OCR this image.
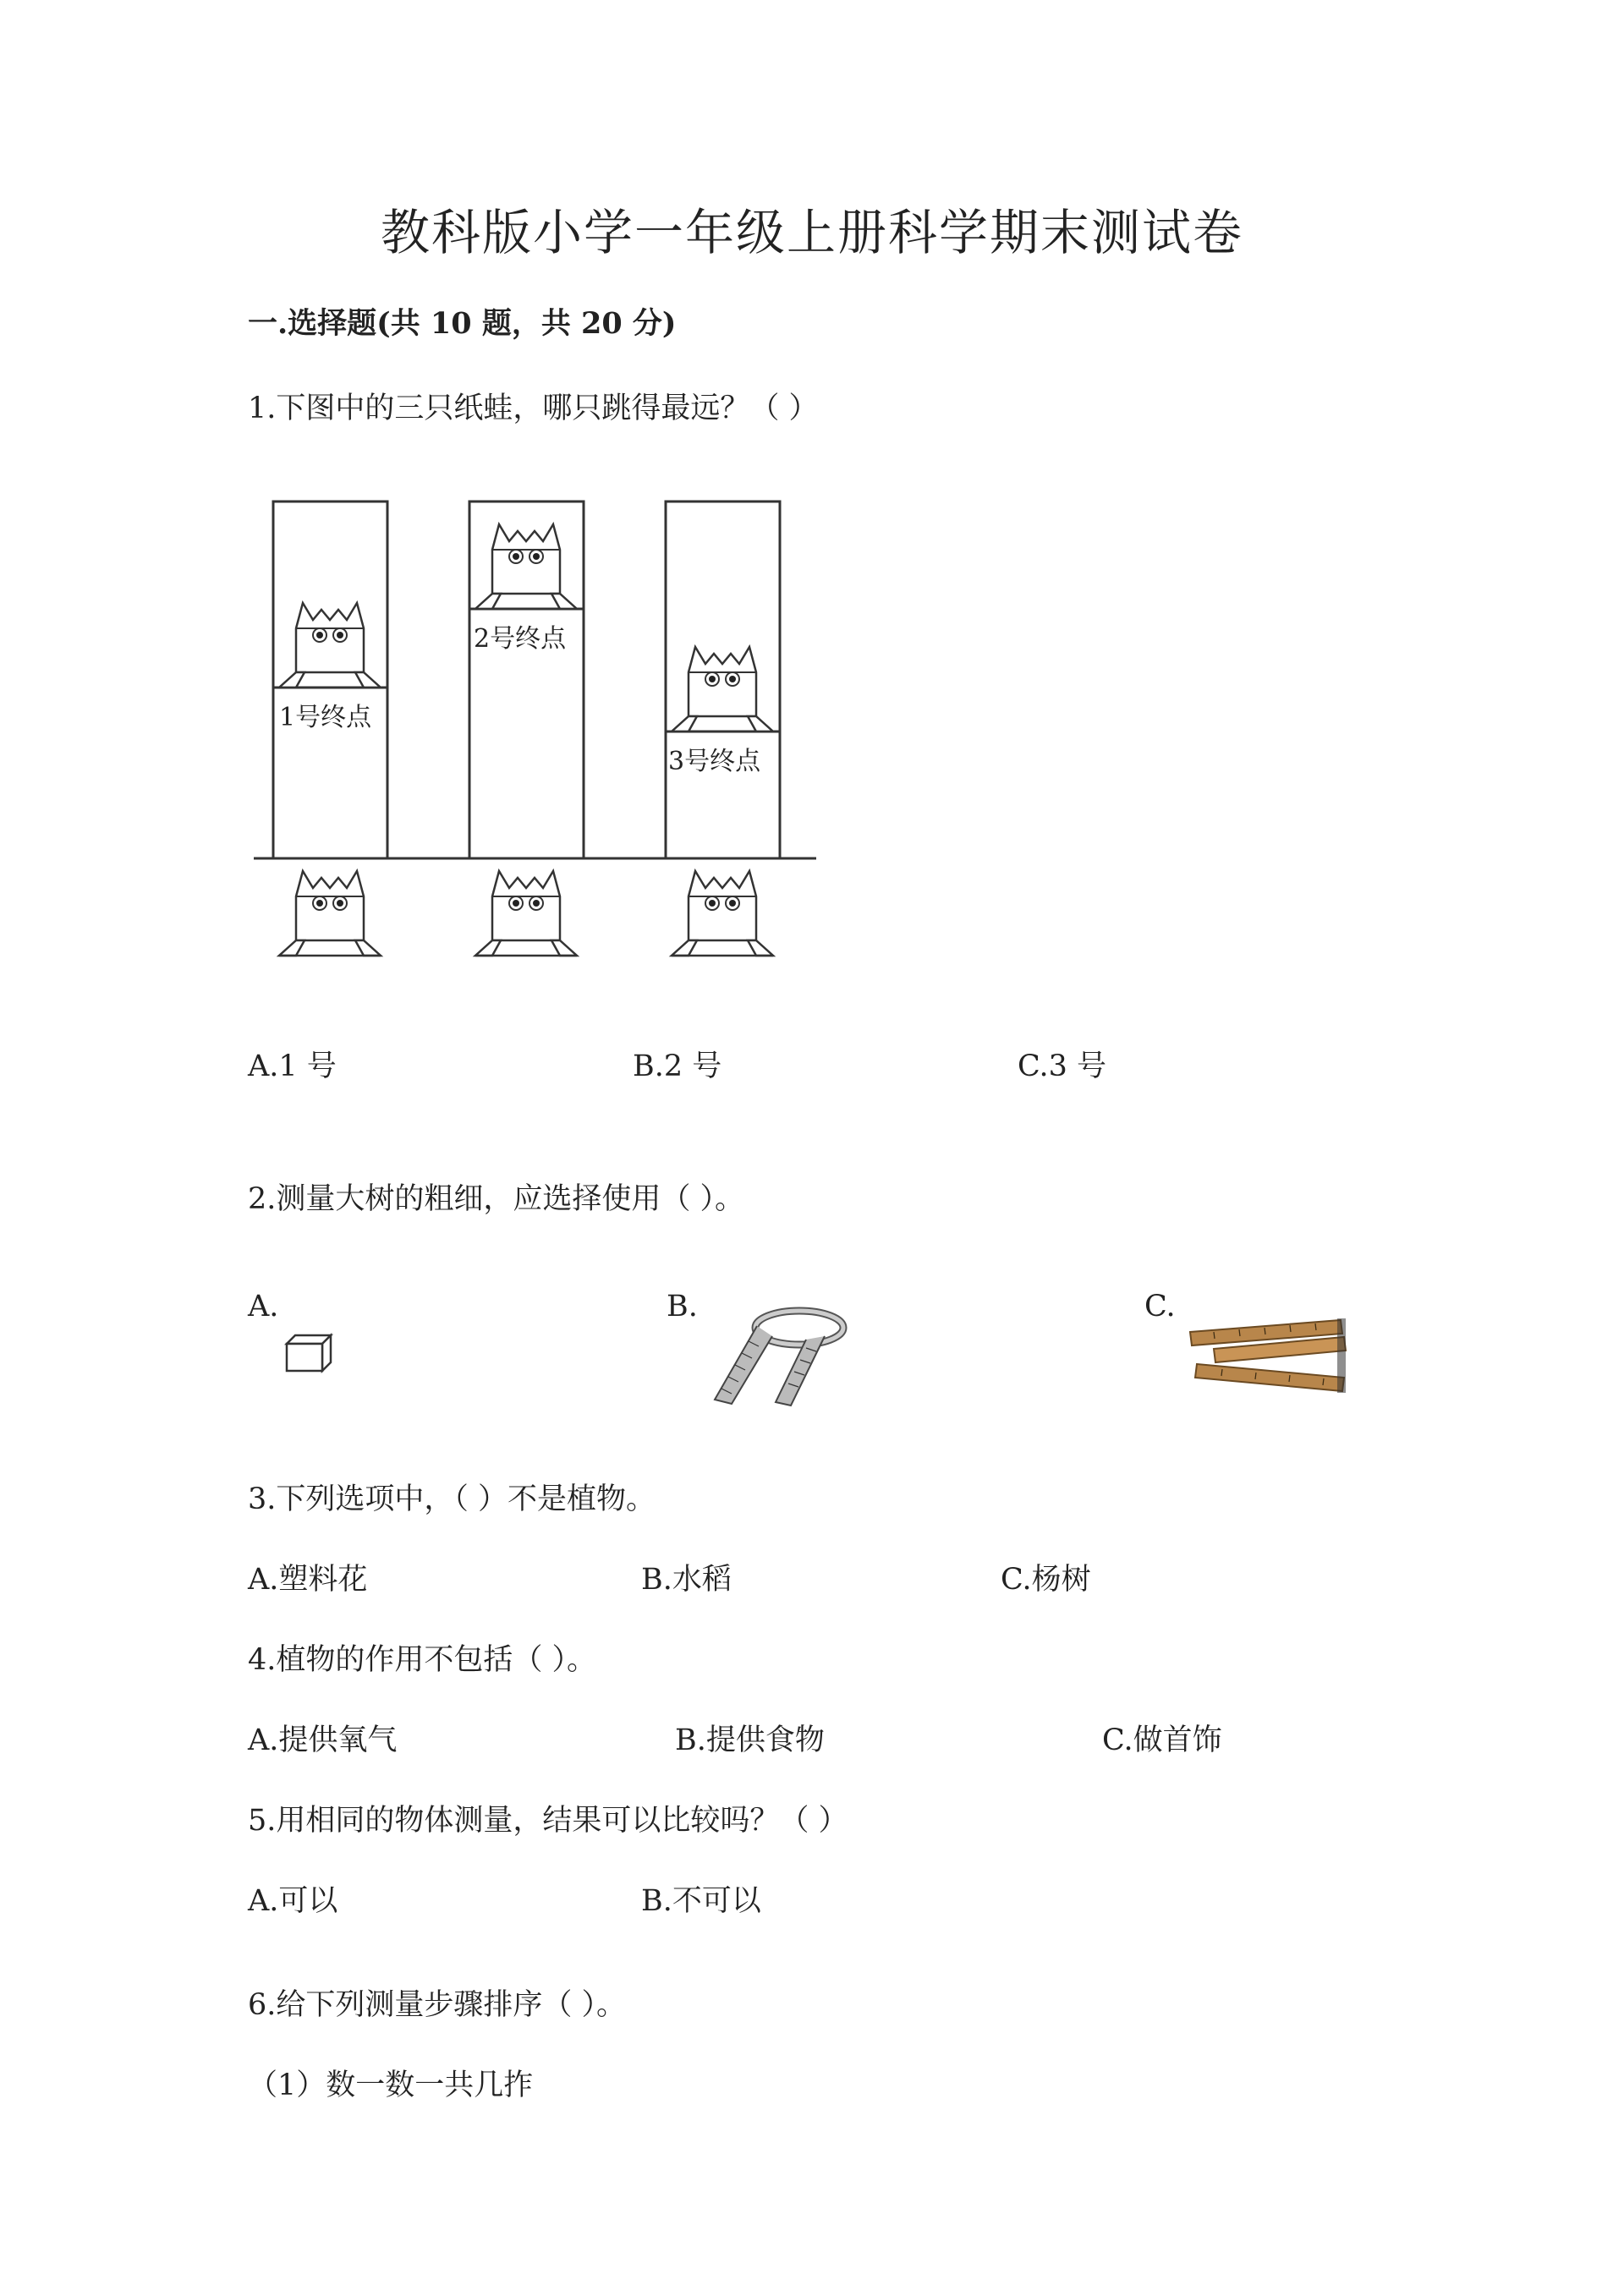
教科版小学一年级上册科学期末测试卷
一.选择题(共 10 题，共 20 分)
1.下图中的三只纸蛙，哪只跳得最远？（ ）
1号终点
2号终点
3号终点
A.1 号	B.2 号	C.3 号
2.测量大树的粗细，应选择使用（ ）。
A.	B.	C.
3.下列选项中，（ ）不是植物。
A.塑料花	B.水稻	C.杨树
4.植物的作用不包括（ ）。
A.提供氧气	B.提供食物	C.做首饰
5.用相同的物体测量，结果可以比较吗？（ ）
A.可以	B.不可以
6.给下列测量步骤排序（ ）。
（1）数一数一共几拃
